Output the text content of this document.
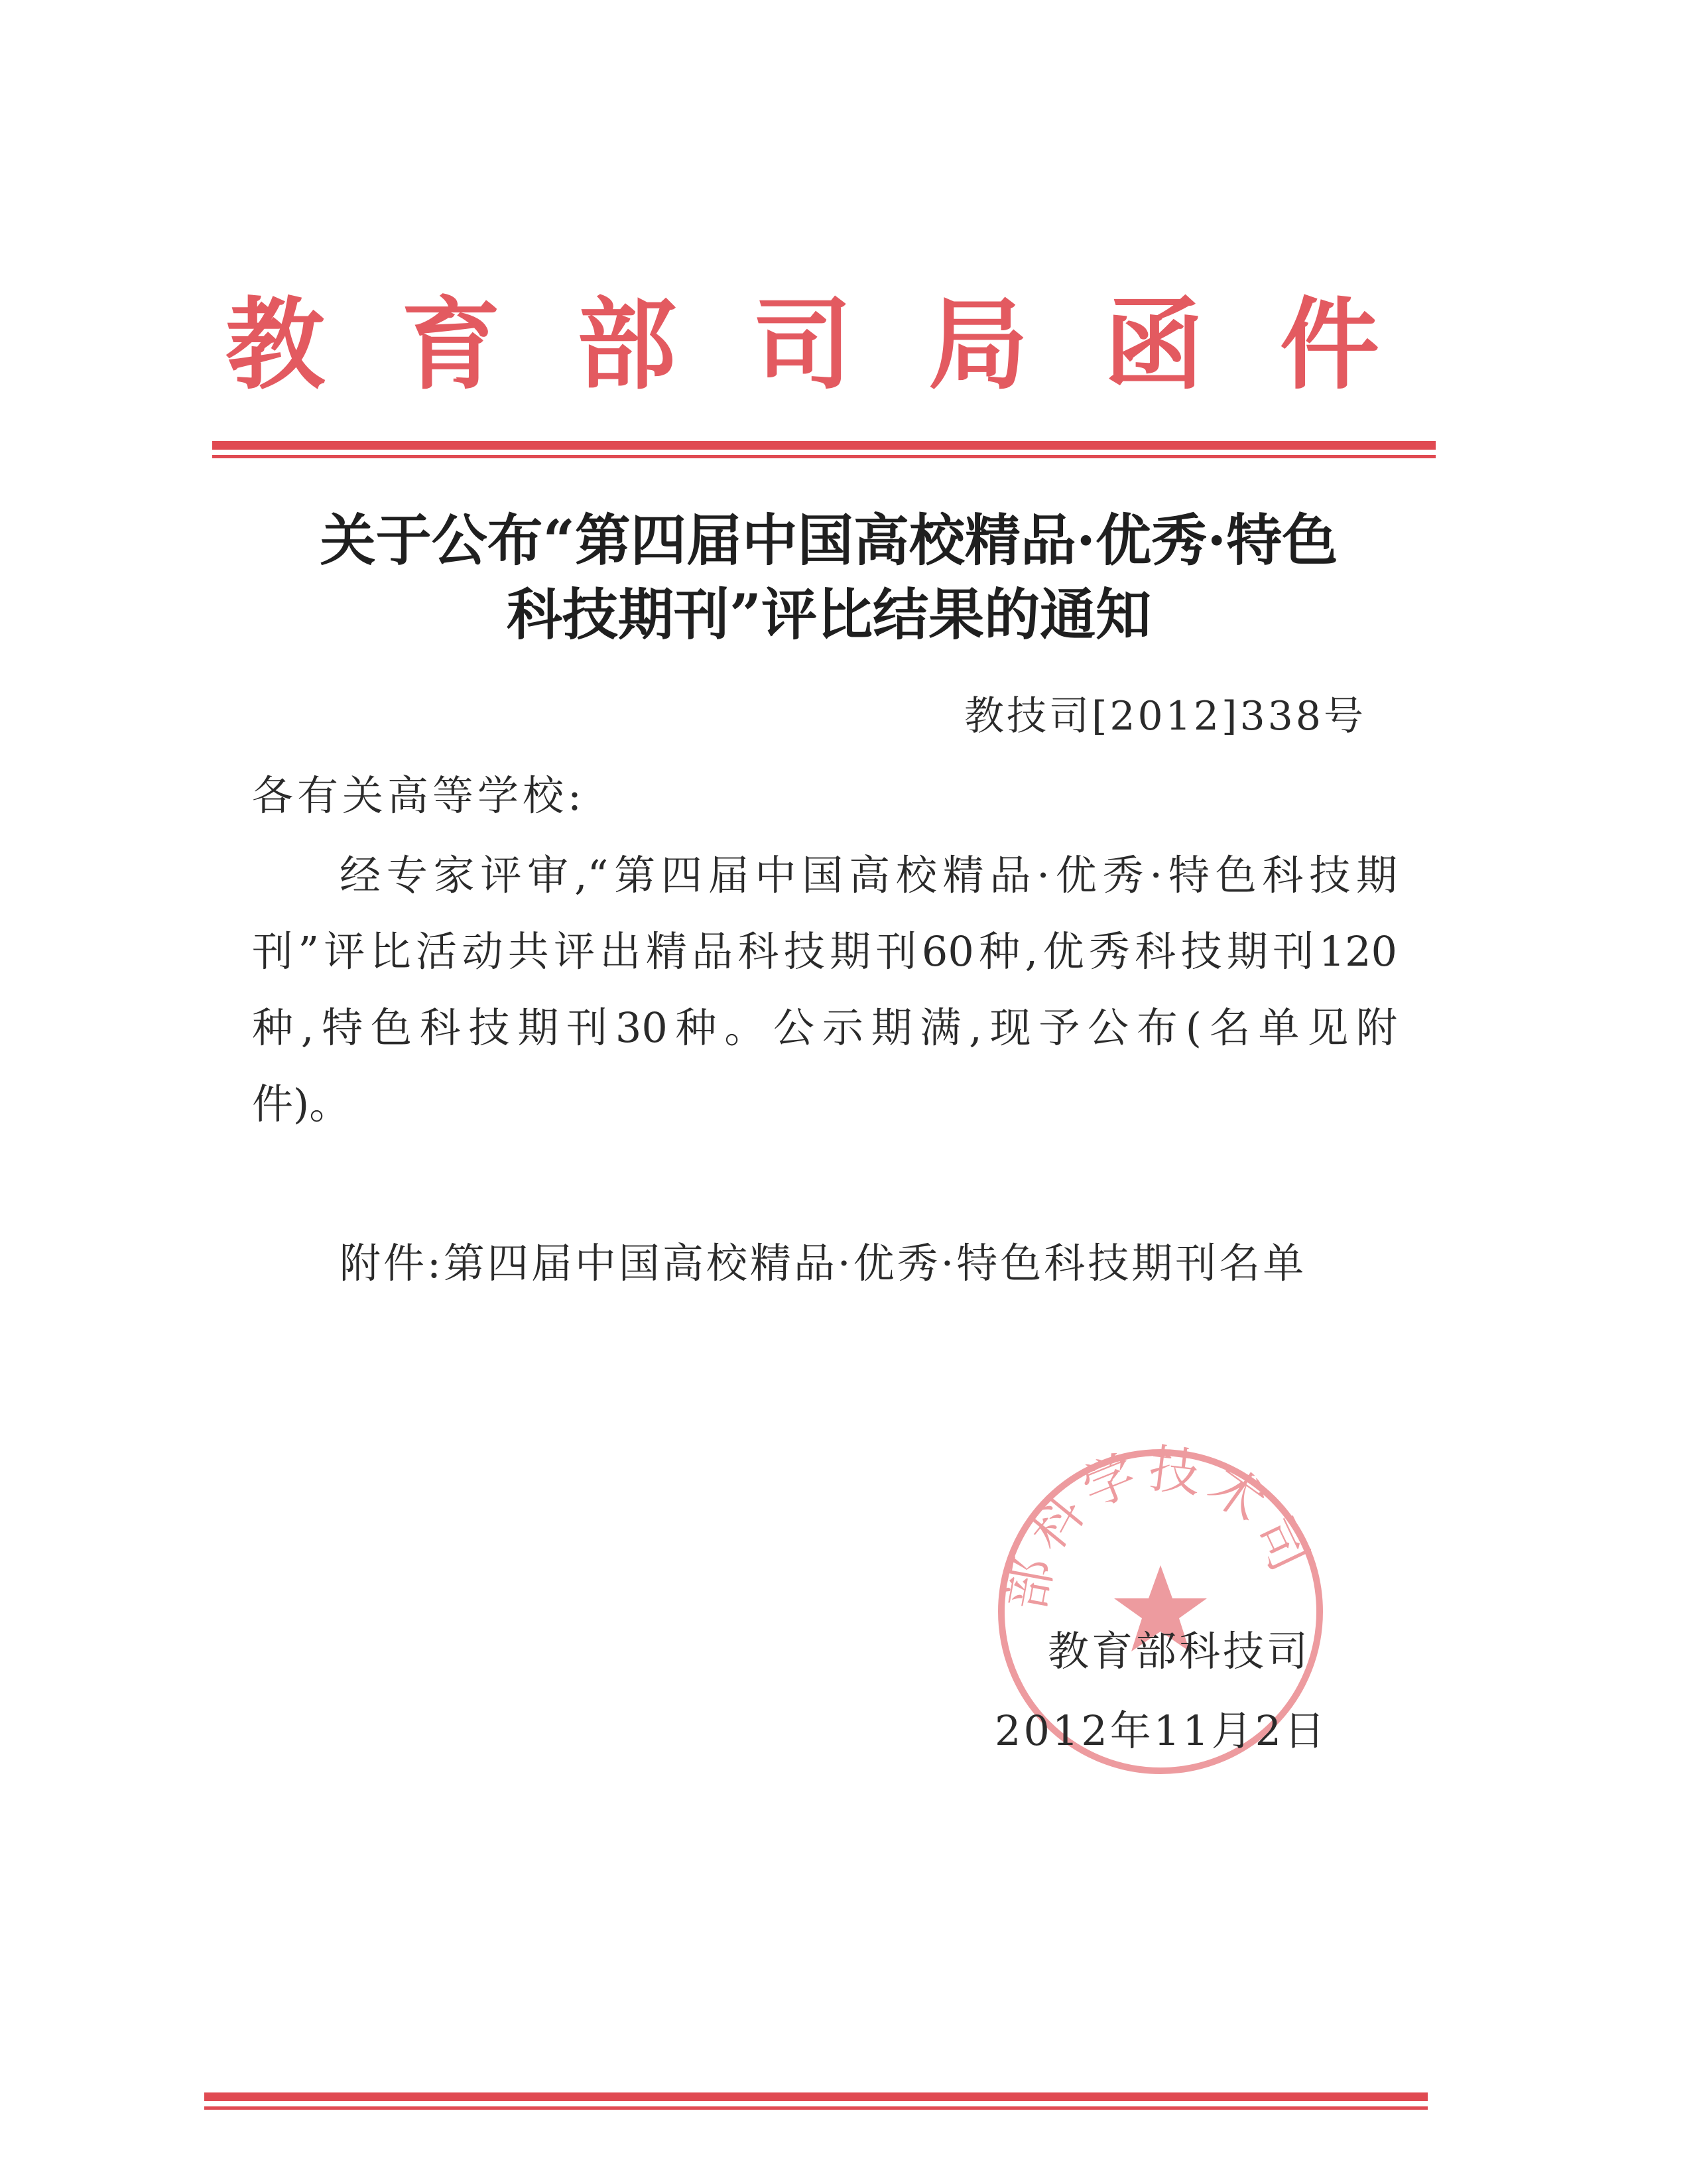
教 育 部 司 局 函 件
关于公布“第四届中国高校精品·优秀·特色
科技期刊”评比结果的通知
教技司[2012]338号
各有关高等学校:
经专家评审,“第四届中国高校精品·优秀·特色科技期
刊”评比活动共评出精品科技期刊60种,优秀科技期刊120
种,特色科技期刊30种。公示期满,现予公布(名单见附
件)。
附件:第四届中国高校精品·优秀·特色科技期刊名单
部科学技术司
教育部科技司
2012年11月2日
